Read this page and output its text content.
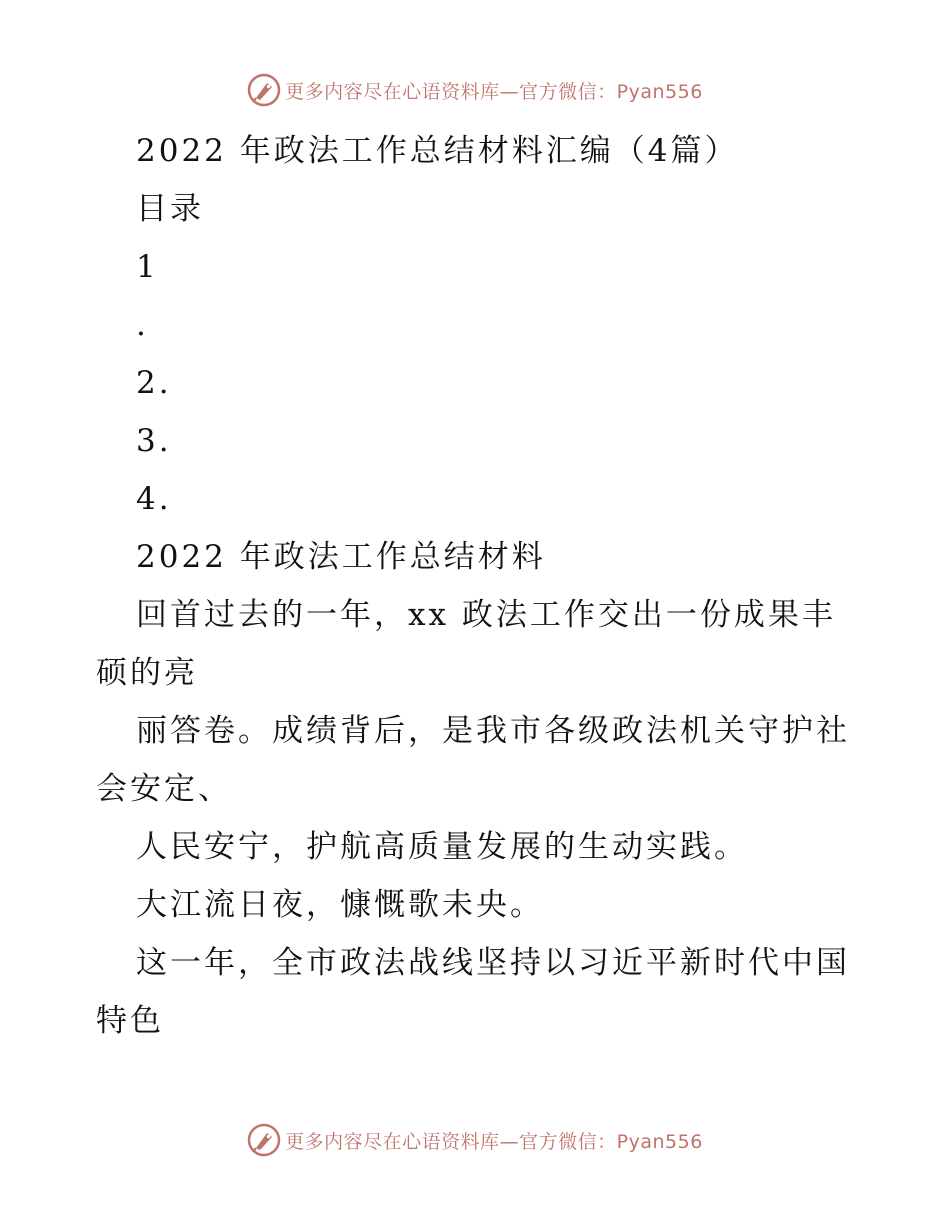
更多内容尽在心语资料库—官方微信：Pyan556
2022 年政法工作总结材料汇编（4篇）
目录
1
.
2.
3.
4.
2022 年政法工作总结材料
回首过去的一年，xx 政法工作交出一份成果丰
硕的亮
丽答卷。成绩背后，是我市各级政法机关守护社
会安定、
人民安宁，护航高质量发展的生动实践。
大江流日夜，慷慨歌未央。
这一年，全市政法战线坚持以习近平新时代中国
特色
更多内容尽在心语资料库—官方微信：Pyan556
